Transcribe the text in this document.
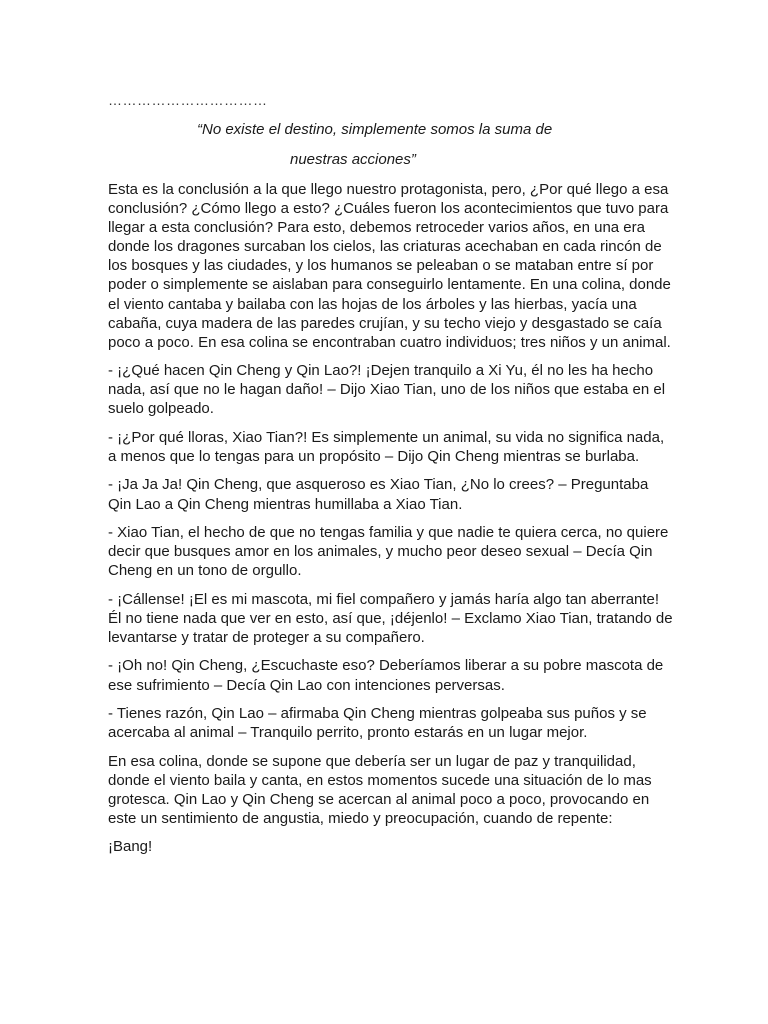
……………………………
“No existe el destino, simplemente somos la suma de
nuestras acciones”

Esta es la conclusión a la que llego nuestro protagonista, pero, ¿Por qué llego a esa conclusión? ¿Cómo llego a esto? ¿Cuáles fueron los acontecimientos que tuvo para llegar a esta conclusión? Para esto, debemos retroceder varios años, en una era donde los dragones surcaban los cielos, las criaturas acechaban en cada rincón de los bosques y las ciudades, y los humanos se peleaban o se mataban entre sí por poder o simplemente se aislaban para conseguirlo lentamente. En una colina, donde el viento cantaba y bailaba con las hojas de los árboles y las hierbas, yacía una cabaña, cuya madera de las paredes crujían, y su techo viejo y desgastado se caía poco a poco. En esa colina se encontraban cuatro individuos; tres niños y un animal.

- ¡¿Qué hacen Qin Cheng y Qin Lao?! ¡Dejen tranquilo a Xi Yu, él no les ha hecho nada, así que no le hagan daño! – Dijo Xiao Tian, uno de los niños que estaba en el suelo golpeado.

- ¡¿Por qué lloras, Xiao Tian?! Es simplemente un animal, su vida no significa nada, a menos que lo tengas para un propósito – Dijo Qin Cheng mientras se burlaba.

- ¡Ja Ja Ja! Qin Cheng, que asqueroso es Xiao Tian, ¿No lo crees? – Preguntaba Qin Lao a Qin Cheng mientras humillaba a Xiao Tian.

- Xiao Tian, el hecho de que no tengas familia y que nadie te quiera cerca, no quiere decir que busques amor en los animales, y mucho peor deseo sexual – Decía Qin Cheng en un tono de orgullo.

- ¡Cállense! ¡El es mi mascota, mi fiel compañero y jamás haría algo tan aberrante! Él no tiene nada que ver en esto, así que, ¡déjenlo! – Exclamo Xiao Tian, tratando de levantarse y tratar de proteger a su compañero.

- ¡Oh no! Qin Cheng, ¿Escuchaste eso? Deberíamos liberar a su pobre mascota de ese sufrimiento – Decía Qin Lao con intenciones perversas.

- Tienes razón, Qin Lao – afirmaba Qin Cheng mientras golpeaba sus puños y se acercaba al animal – Tranquilo perrito, pronto estarás en un lugar mejor.

En esa colina, donde se supone que debería ser un lugar de paz y tranquilidad, donde el viento baila y canta, en estos momentos sucede una situación de lo mas grotesca. Qin Lao y Qin Cheng se acercan al animal poco a poco, provocando en este un sentimiento de angustia, miedo y preocupación, cuando de repente:

¡Bang!
